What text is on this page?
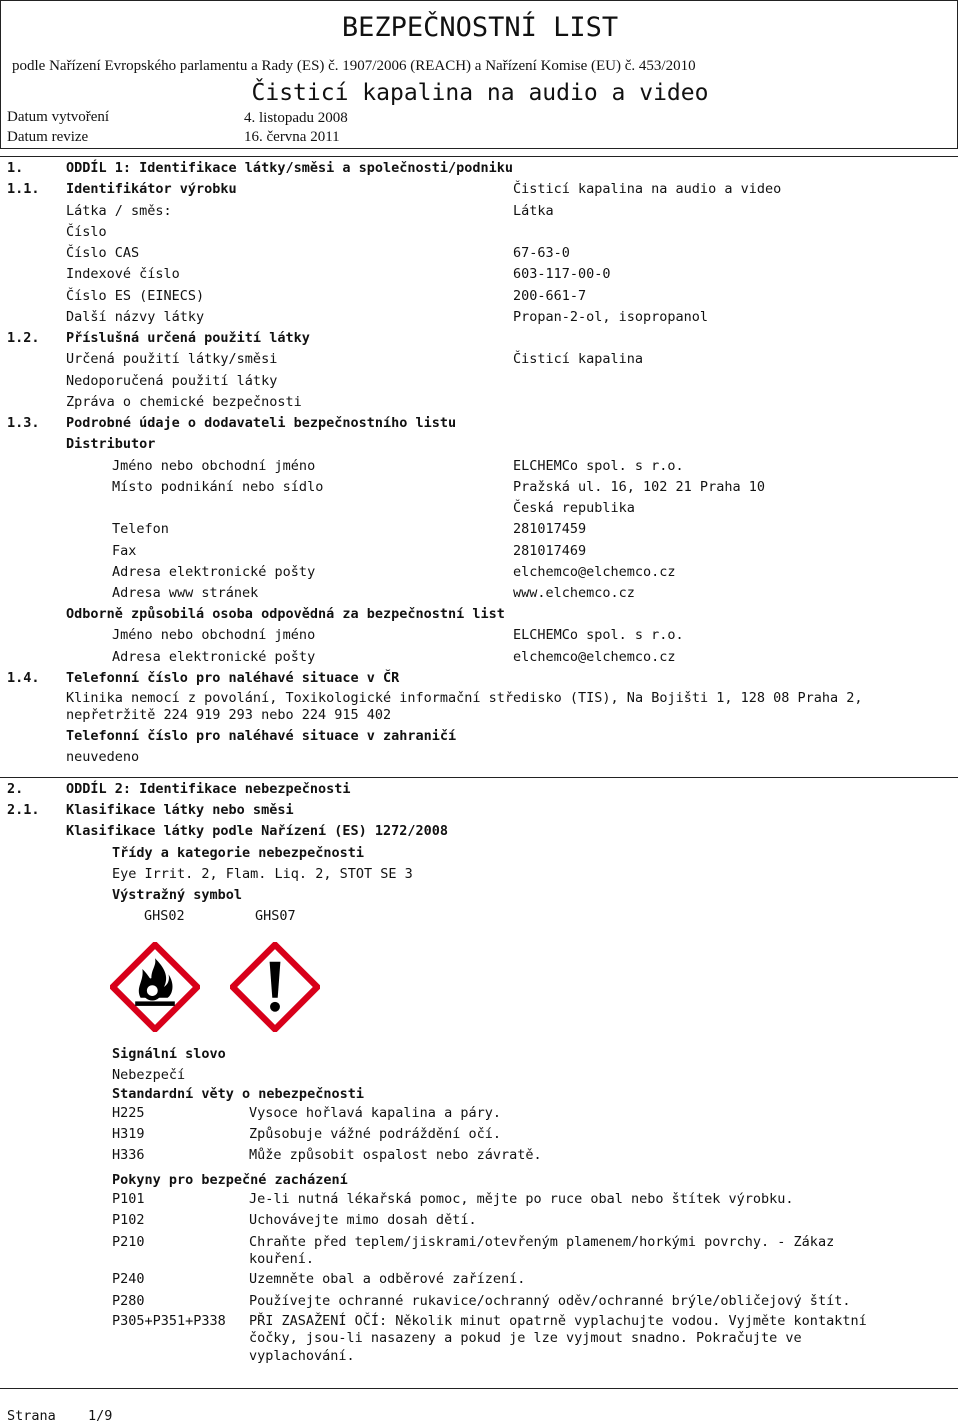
BEZPEČNOSTNÍ LIST
podle Nařízení Evropského parlamentu a Rady (ES) č. 1907/2006 (REACH) a Nařízení Komise (EU) č. 453/2010
Čisticí kapalina na audio a video
Datum vytvoření	4. listopadu 2008
Datum revize	16. června 2011
1.	ODDÍL 1: Identifikace látky/směsi a společnosti/podniku
1.1. Identifikátor výrobku	Čisticí kapalina na audio a video
Látka / směs:	Látka
Číslo
Číslo CAS	67-63-0
Indexové číslo	603-117-00-0
Číslo ES (EINECS)	200-661-7
Další názvy látky	Propan-2-ol, isopropanol
1.2. Příslušná určená použití látky
Určená použití látky/směsi	Čisticí kapalina
Nedoporučená použití látky
Zpráva o chemické bezpečnosti
1.3. Podrobné údaje o dodavateli bezpečnostního listu
Distributor
Jméno nebo obchodní jméno	ELCHEMCo spol. s r.o.
Místo podnikání nebo sídlo	Pražská ul. 16, 102 21 Praha 10
Česká republika
Telefon	281017459
Fax	281017469
Adresa elektronické pošty	elchemco@elchemco.cz
Adresa www stránek	www.elchemco.cz
Odborně způsobilá osoba odpovědná za bezpečnostní list
Jméno nebo obchodní jméno	ELCHEMCo spol. s r.o.
Adresa elektronické pošty	elchemco@elchemco.cz
1.4. Telefonní číslo pro naléhavé situace v ČR
Klinika nemocí z povolání, Toxikologické informační středisko (TIS), Na Bojišti 1, 128 08 Praha 2,
nepřetržitě 224 919 293 nebo 224 915 402
Telefonní číslo pro naléhavé situace v zahraničí
neuvedeno
2.	ODDÍL 2: Identifikace nebezpečnosti
2.1. Klasifikace látky nebo směsi
Klasifikace látky podle Nařízení (ES) 1272/2008
Třídy a kategorie nebezpečnosti
Eye Irrit. 2, Flam. Liq. 2, STOT SE 3
Výstražný symbol
GHS02	GHS07
Signální slovo
Nebezpečí
Standardní věty o nebezpečnosti
H225	Vysoce hořlavá kapalina a páry.
H319	Způsobuje vážné podráždění očí.
H336	Může způsobit ospalost nebo závratě.
Pokyny pro bezpečné zacházení
P101	Je-li nutná lékařská pomoc, mějte po ruce obal nebo štítek výrobku.
P102	Uchovávejte mimo dosah dětí.
P210	Chraňte před teplem/jiskrami/otevřeným plamenem/horkými povrchy. - Zákaz
kouření.
P240	Uzemněte obal a odběrové zařízení.
P280	Používejte ochranné rukavice/ochranný oděv/ochranné brýle/obličejový štít.
P305+P351+P338 PŘI ZASAŽENÍ OČÍ: Několik minut opatrně vyplachujte vodou. Vyjměte kontaktní
čočky, jsou-li nasazeny a pokud je lze vyjmout snadno. Pokračujte ve
vyplachování.
Strana 1/9
